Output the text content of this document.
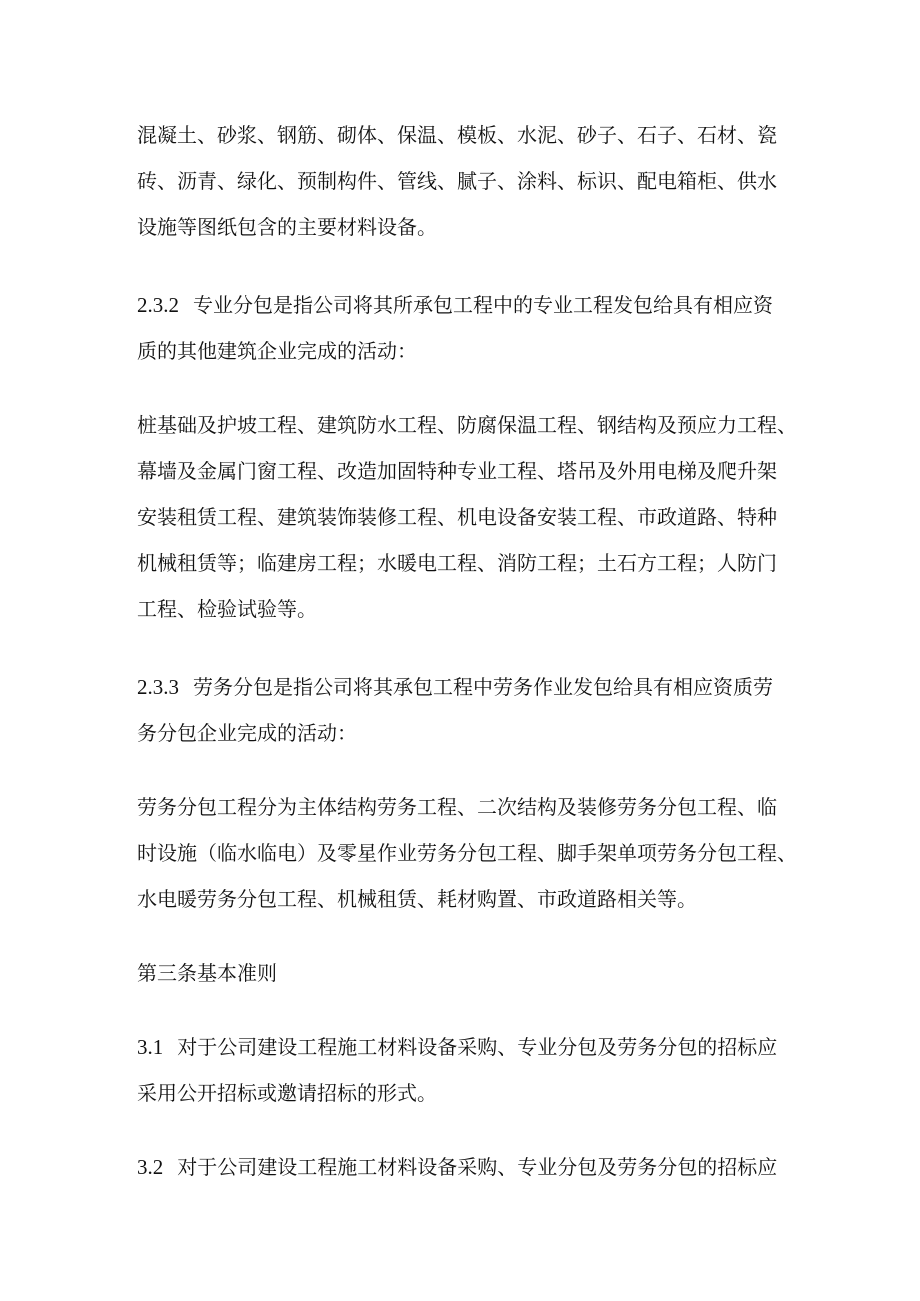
混凝土、砂浆、钢筋、砌体、保温、模板、水泥、砂子、石子、石材、瓷
砖、沥青、绿化、预制构件、管线、腻子、涂料、标识、配电箱柜、供水
设施等图纸包含的主要材料设备。

2.3.2 专业分包是指公司将其所承包工程中的专业工程发包给具有相应资
质的其他建筑企业完成的活动：

桩基础及护坡工程、建筑防水工程、防腐保温工程、钢结构及预应力工程、
幕墙及金属门窗工程、改造加固特种专业工程、塔吊及外用电梯及爬升架
安装租赁工程、建筑装饰装修工程、机电设备安装工程、市政道路、特种
机械租赁等；临建房工程；水暖电工程、消防工程；土石方工程；人防门
工程、检验试验等。

2.3.3 劳务分包是指公司将其承包工程中劳务作业发包给具有相应资质劳
务分包企业完成的活动：

劳务分包工程分为主体结构劳务工程、二次结构及装修劳务分包工程、临
时设施（临水临电）及零星作业劳务分包工程、脚手架单项劳务分包工程、
水电暖劳务分包工程、机械租赁、耗材购置、市政道路相关等。

第三条基本准则

3.1 对于公司建设工程施工材料设备采购、专业分包及劳务分包的招标应
采用公开招标或邀请招标的形式。

3.2 对于公司建设工程施工材料设备采购、专业分包及劳务分包的招标应
